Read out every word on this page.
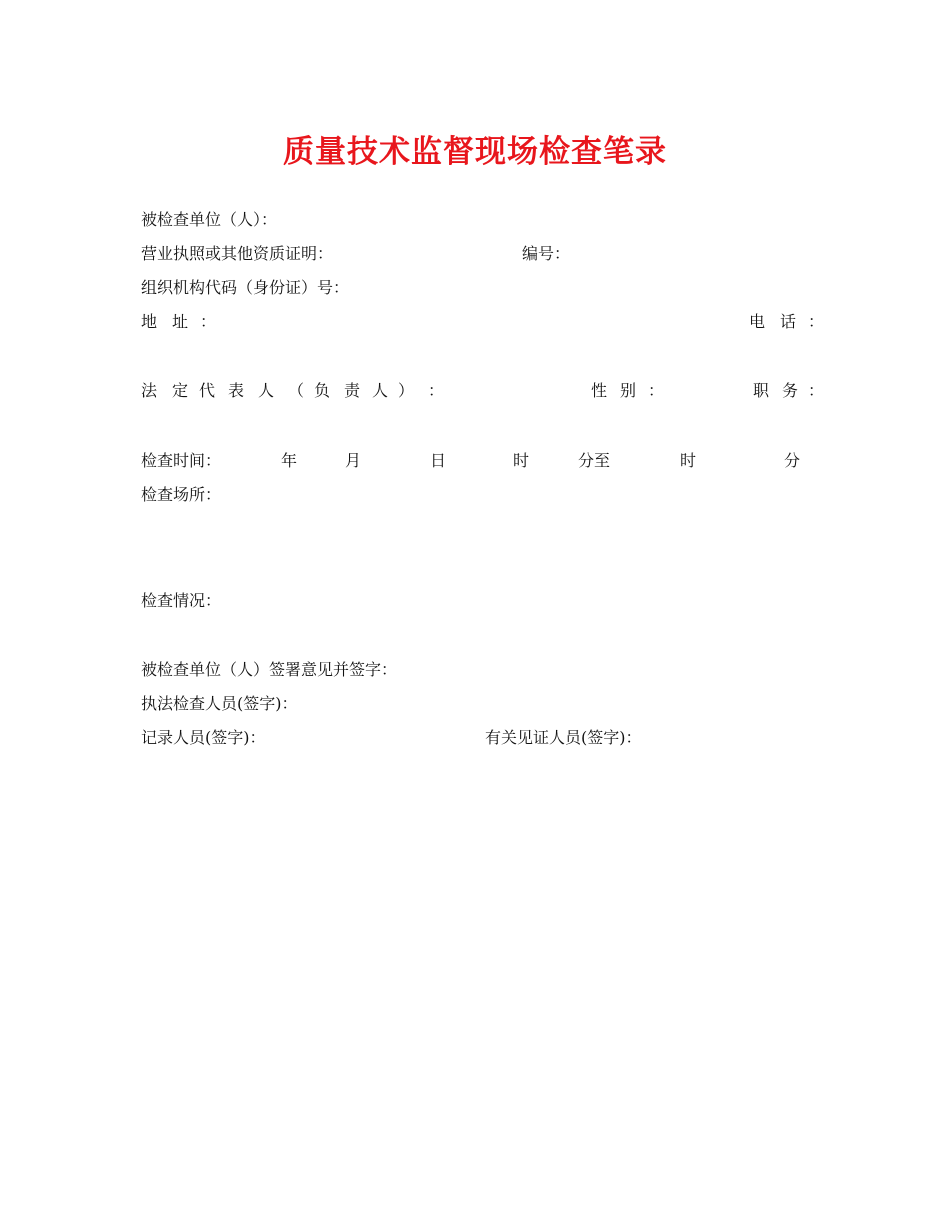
质量技术监督现场检查笔录
被检查单位（人）：
营业执照或其他资质证明：	编号：
组织机构代码（身份证）号：
地 址 ：	电 话 ：
法 定 代 表 人 （ 负 责 人 ） ：	性 别 ：	职 务 ：
检查时间：	年	月	日	时	分至	时	分
检查场所：
检查情况：
被检查单位（人）签署意见并签字：
执法检查人员(签字)：
记录人员(签字)：	有关见证人员(签字)：
